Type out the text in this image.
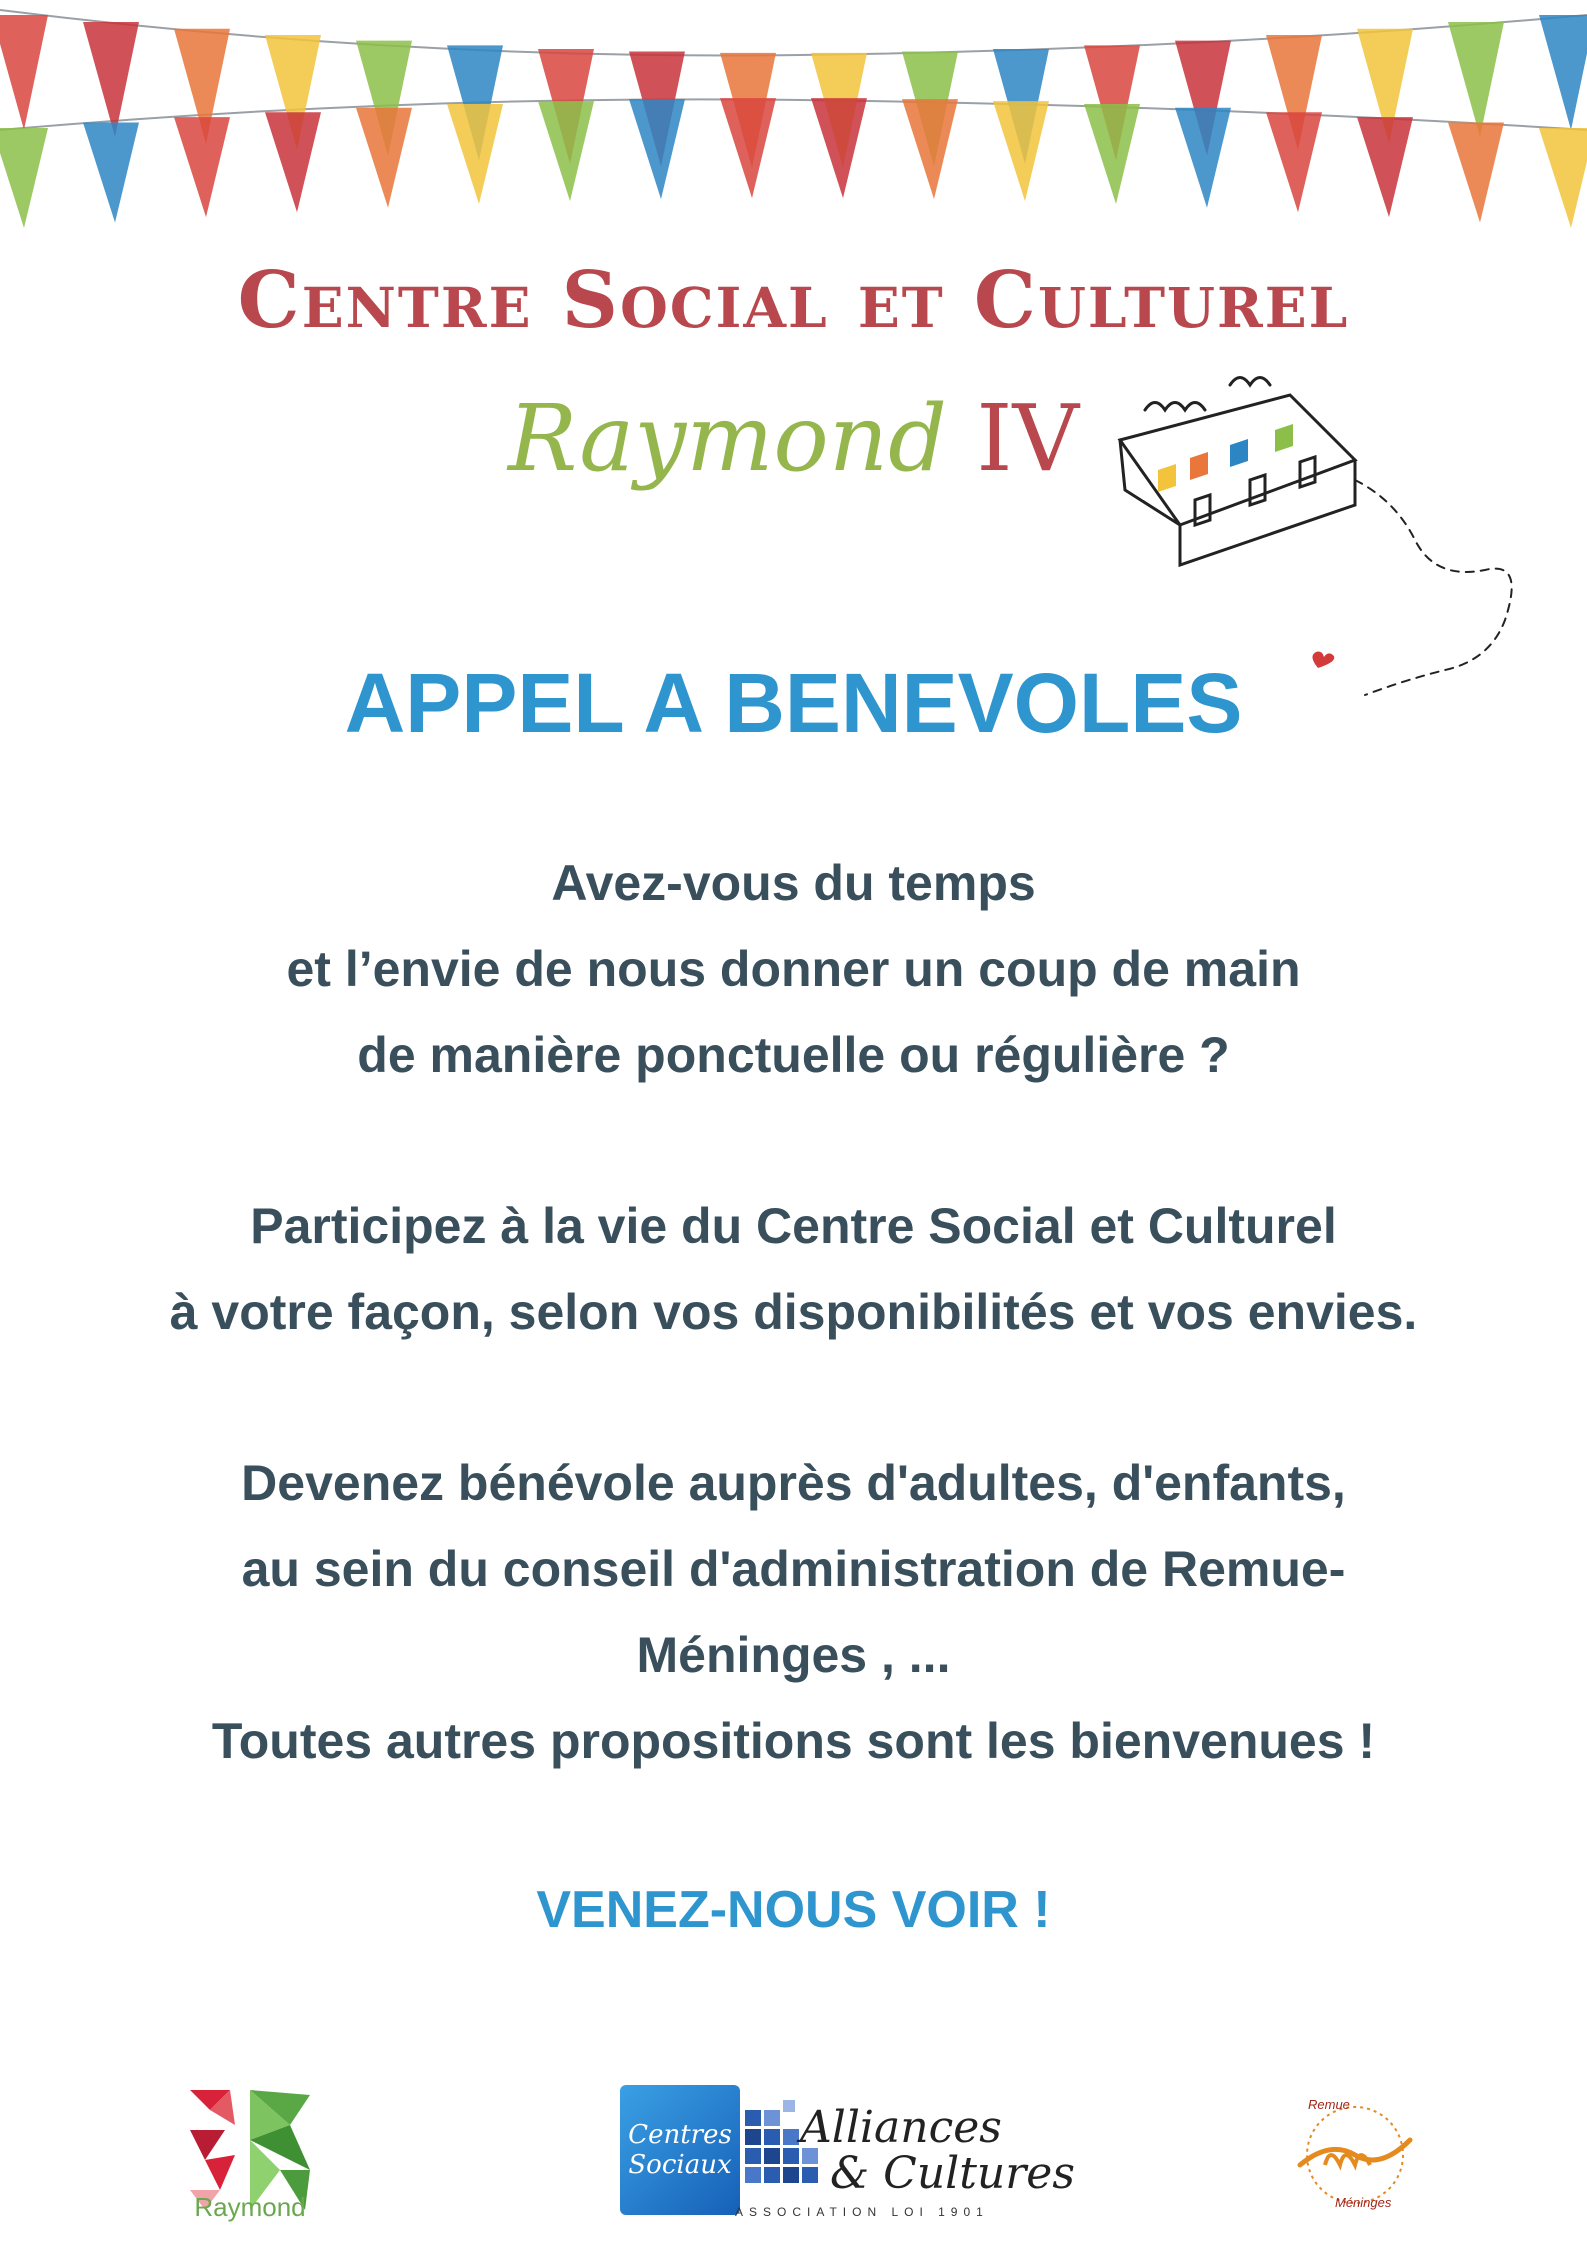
Centre Social et Culturel
Raymond IV
APPEL A BENEVOLES

Avez-vous du temps

et l’envie de nous donner un coup de main

de manière ponctuelle ou régulière ?

Participez à la vie du Centre Social et Culturel

à votre façon, selon vos disponibilités et vos envies.

Devenez bénévole auprès d'adultes, d'enfants,

au sein du conseil d'administration de Remue-

Méninges , ...

Toutes autres propositions sont les bienvenues !

VENEZ-NOUS VOIR !
Raymond
Centres Sociaux
Alliances
& Cultures
ASSOCIATION LOI 1901
Remue
Méninges
